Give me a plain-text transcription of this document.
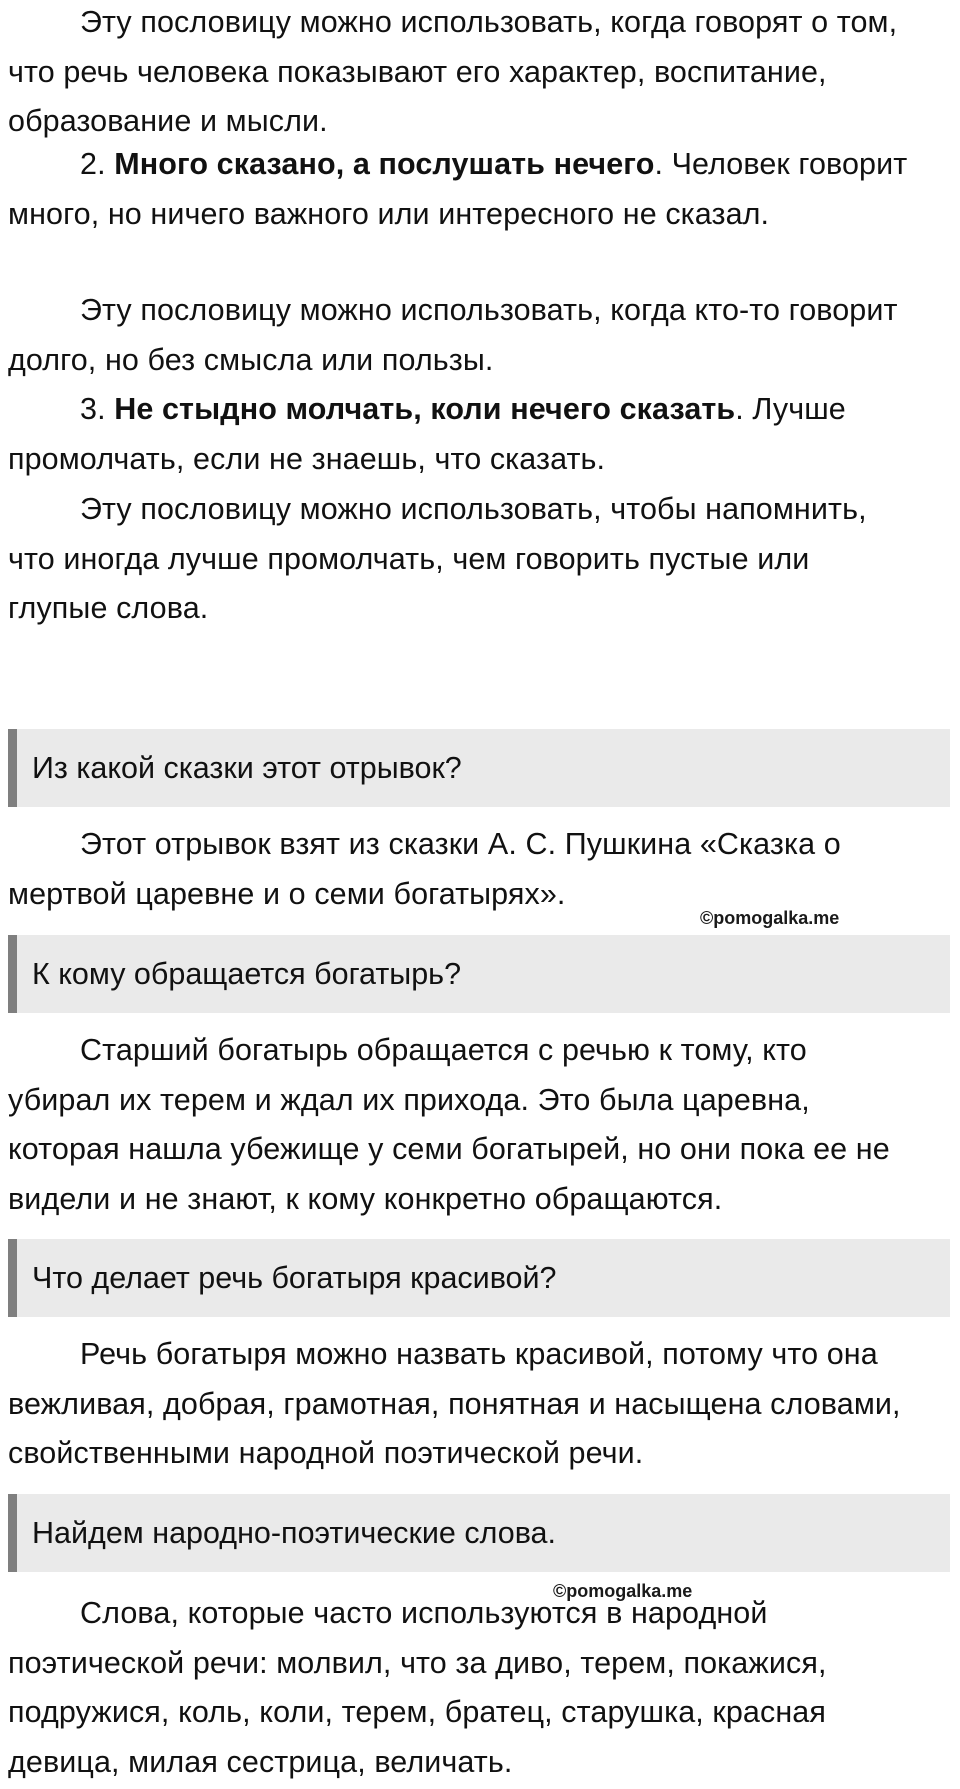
Эту пословицу можно использовать, когда говорят о том, что речь человека показывают его характер, воспитание, образование и мысли.

2. Много сказано, а послушать нечего. Человек говорит много, но ничего важного или интересного не сказал.

Эту пословицу можно использовать, когда кто-то говорит долго, но без смысла или пользы.

3. Не стыдно молчать, коли нечего сказать. Лучше промолчать, если не знаешь, что сказать.

Эту пословицу можно использовать, чтобы напомнить, что иногда лучше промолчать, чем говорить пустые или глупые слова.

Из какой сказки этот отрывок?

Этот отрывок взят из сказки А. С. Пушкина «Сказка о мертвой царевне и о семи богатырях».

©pomogalka.me
К кому обращается богатырь?

Старший богатырь обращается с речью к тому, кто убирал их терем и ждал их прихода. Это была царевна, которая нашла убежище у семи богатырей, но они пока ее не видели и не знают, к кому конкретно обращаются.

Что делает речь богатыря красивой?

Речь богатыря можно назвать красивой, потому что она вежливая, добрая, грамотная, понятная и насыщена словами, свойственными народной поэтической речи.

Найдем народно-поэтические слова.
©pomogalka.me

Слова, которые часто используются в народной поэтической речи: молвил, что за диво, терем, покажися, подружися, коль, коли, терем, братец, старушка, красная девица, милая сестрица, величать.
